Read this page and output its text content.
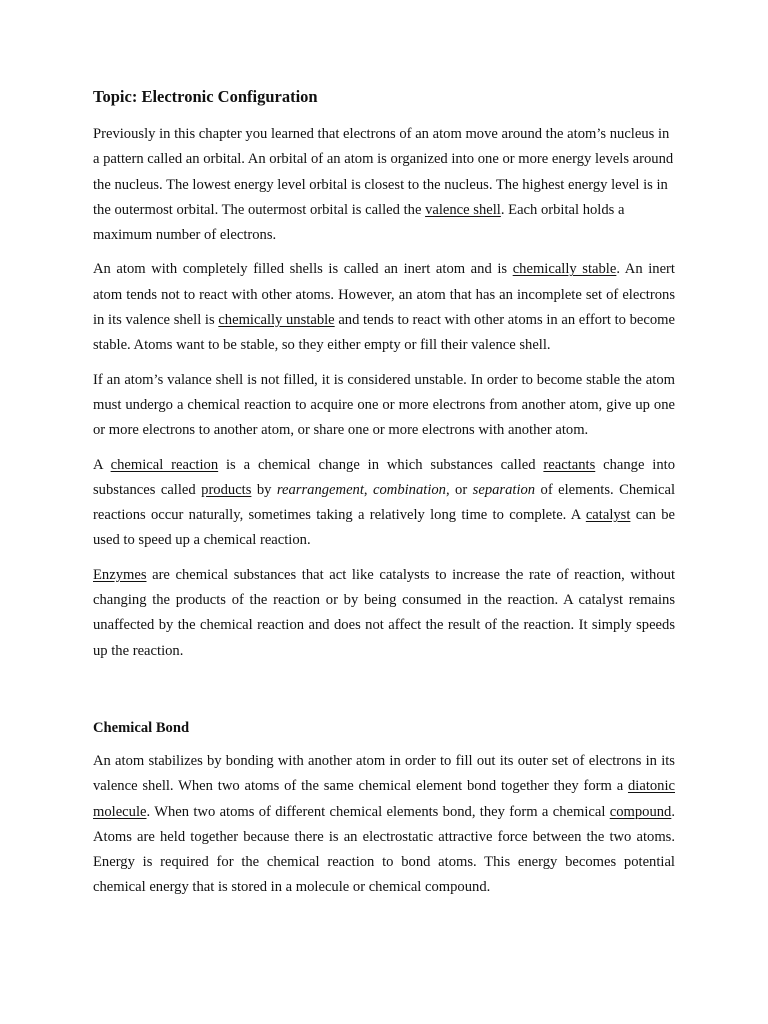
Topic: Electronic Configuration

Previously in this chapter you learned that electrons of an atom move around the atom’s nucleus in a pattern called an orbital. An orbital of an atom is organized into one or more energy levels around the nucleus. The lowest energy level orbital is closest to the nucleus. The highest energy level is in the outermost orbital. The outermost orbital is called the valence shell. Each orbital holds a maximum number of electrons.

An atom with completely filled shells is called an inert atom and is chemically stable. An inert atom tends not to react with other atoms. However, an atom that has an incomplete set of electrons in its valence shell is chemically unstable and tends to react with other atoms in an effort to become stable. Atoms want to be stable, so they either empty or fill their valence shell.

If an atom’s valance shell is not filled, it is considered unstable. In order to become stable the atom must undergo a chemical reaction to acquire one or more electrons from another atom, give up one or more electrons to another atom, or share one or more electrons with another atom.

A chemical reaction is a chemical change in which substances called reactants change into substances called products by rearrangement, combination, or separation of elements. Chemical reactions occur naturally, sometimes taking a relatively long time to complete. A catalyst can be used to speed up a chemical reaction.

Enzymes are chemical substances that act like catalysts to increase the rate of reaction, without changing the products of the reaction or by being consumed in the reaction. A catalyst remains unaffected by the chemical reaction and does not affect the result of the reaction. It simply speeds up the reaction.

Chemical Bond

An atom stabilizes by bonding with another atom in order to fill out its outer set of electrons in its valence shell. When two atoms of the same chemical element bond together they form a diatonic molecule. When two atoms of different chemical elements bond, they form a chemical compound. Atoms are held together because there is an electrostatic attractive force between the two atoms. Energy is required for the chemical reaction to bond atoms. This energy becomes potential chemical energy that is stored in a molecule or chemical compound.
